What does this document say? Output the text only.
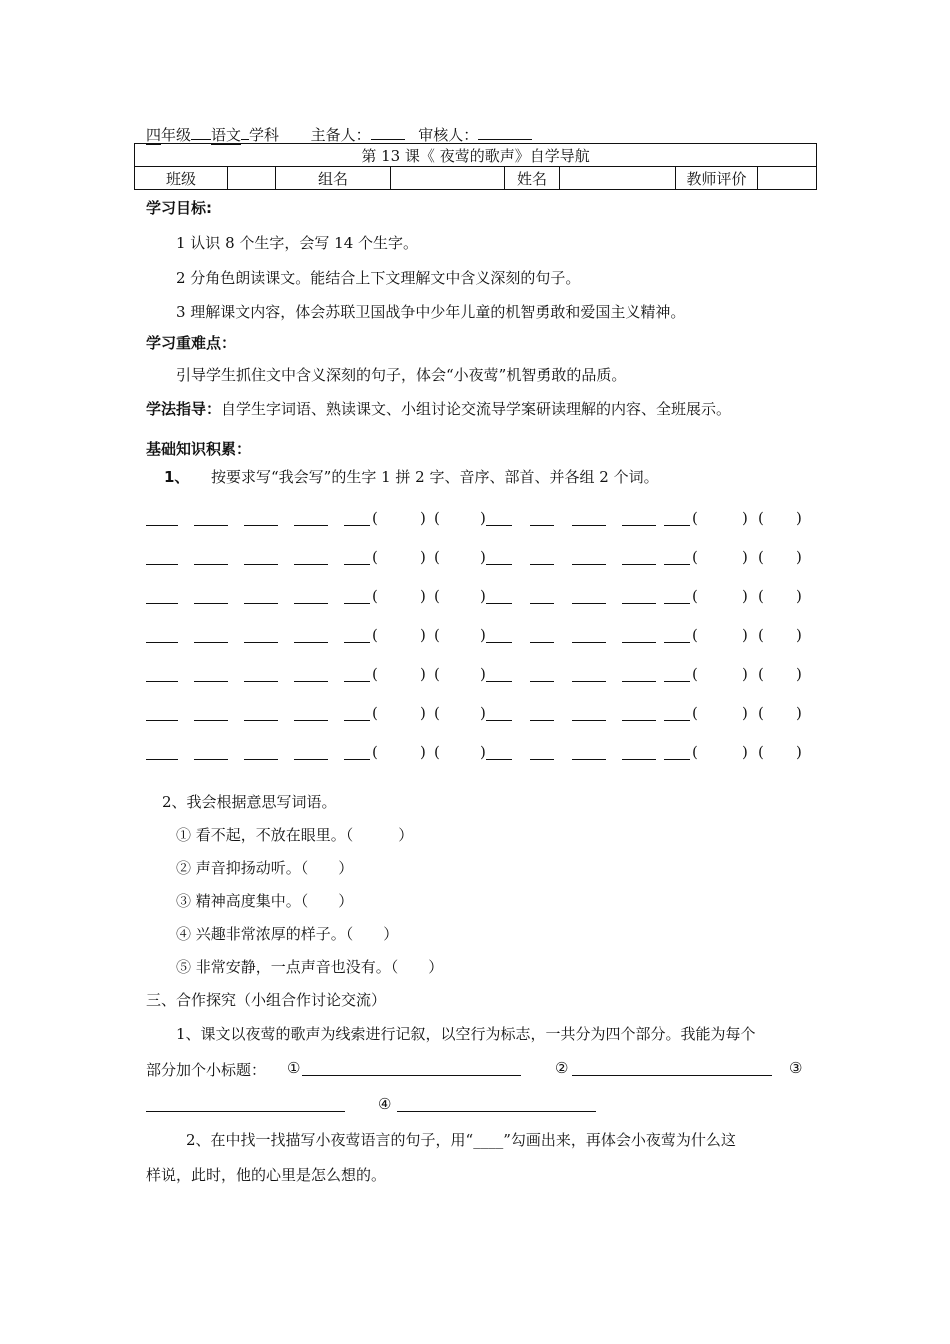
四年级 语文 学科 主备人：	审核人：
第 13 课《 夜莺的歌声》自学导航
班级		组名		姓名		教师评价	
学习目标:
1 认识 8 个生字，会写 14 个生字。
2 分角色朗读课文。能结合上下文理解文中含义深刻的句子。
3 理解课文内容，体会苏联卫国战争中少年儿童的机智勇敢和爱国主义精神。
学习重难点：
引导学生抓住文中含义深刻的句子，体会“小夜莺”机智勇敢的品质。
学法指导：自学生字词语、熟读课文、小组讨论交流导学案研读理解的内容、全班展示。
基础知识积累：
1、 按要求写“我会写”的生字 1 拼 2 字、音序、部首、并各组 2 个词。
(	) (	)	(	) ( )
(	) (	)	(	) ( )
(	) (	)	(	) ( )
(	) (	)	(	) ( )
(	) (	)	(	) ( )
(	) (	)	(	) ( )
(	) (	)	(	) ( )
2、我会根据意思写词语。
① 看不起，不放在眼里。（　　　）
② 声音抑扬动听。（　　）
③ 精神高度集中。（　　）
④ 兴趣非常浓厚的样子。（　　）
⑤ 非常安静，一点声音也没有。（　　）
三、合作探究（小组合作讨论交流）
1、课文以夜莺的歌声为线索进行记叙，以空行为标志，一共分为四个部分。我能为每个
部分加个小标题： ①	②	③
④
2、在中找一找描写小夜莺语言的句子，用“____”勾画出来，再体会小夜莺为什么这
样说，此时，他的心里是怎么想的。
